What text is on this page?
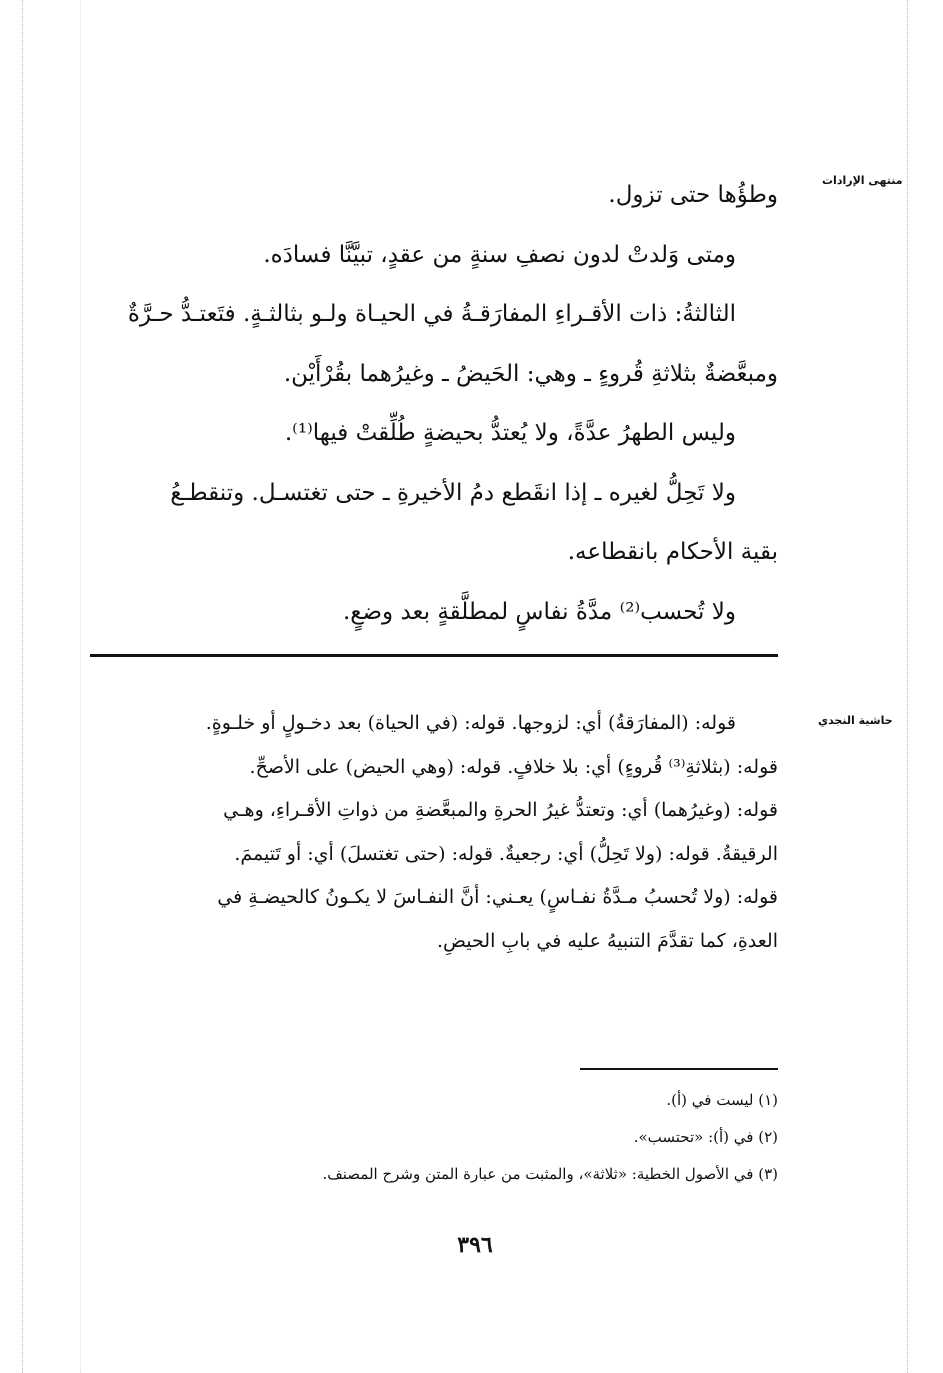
منتهى الإرادات

وطؤُها حتى تزول.

ومتى وَلدتْ لدون نصفِ سنةٍ من عقدٍ، تبيَّنَّا فسادَه.

الثالثةُ: ذات الأقـراءِ المفارَقـةُ في الحيـاة ولـو بثالثـةٍ. فتَعتـدُّ حـرَّةٌ

ومبعَّضةٌ بثلاثةِ قُروءٍ ـ وهي: الحَيضُ ـ وغيرُهما بقُرْأَيْن.

وليس الطهرُ عدَّةً، ولا يُعتدُّ بحيضةٍ طُلِّقتْ فيها⁽¹⁾.

ولا تَحِلُّ لغيره ـ إذا انقَطع دمُ الأخيرةِ ـ حتى تغتسـل. وتنقطـعُ

بقية الأحكام بانقطاعه.

ولا تُحسب⁽²⁾ مدَّةُ نفاسٍ لمطلَّقةٍ بعد وضعٍ.

حاشية النجدي

قوله: (المفارَقةُ) أي: لزوجها. قوله: (في الحياة) بعد دخـولٍ أو خلـوةٍ.

قوله: (بثلاثةِ⁽³⁾ قُروءٍ) أي: بلا خلافٍ. قوله: (وهي الحيض) على الأصحِّ.

قوله: (وغيرُهما) أي: وتعتدُّ غيرُ الحرةِ والمبعَّضةِ من ذواتِ الأقـراءِ، وهـي

الرقيقةُ. قوله: (ولا تَحِلُّ) أي: رجعيةٌ. قوله: (حتى تغتسلَ) أي: أو تَتيممَ.

قوله: (ولا تُحسبُ مـدَّةُ نفـاسٍ) يعـني: أنَّ النفـاسَ لا يكـونُ كالحيضـةِ في

العدةِ، كما تقدَّمَ التنبيهُ عليه في بابِ الحيضِ.

(١) ليست في (أ).

(٢) في (أ): «تحتسب».

(٣) في الأصول الخطية: «ثلاثة»، والمثبت من عبارة المتن وشرح المصنف.

٣٩٦
